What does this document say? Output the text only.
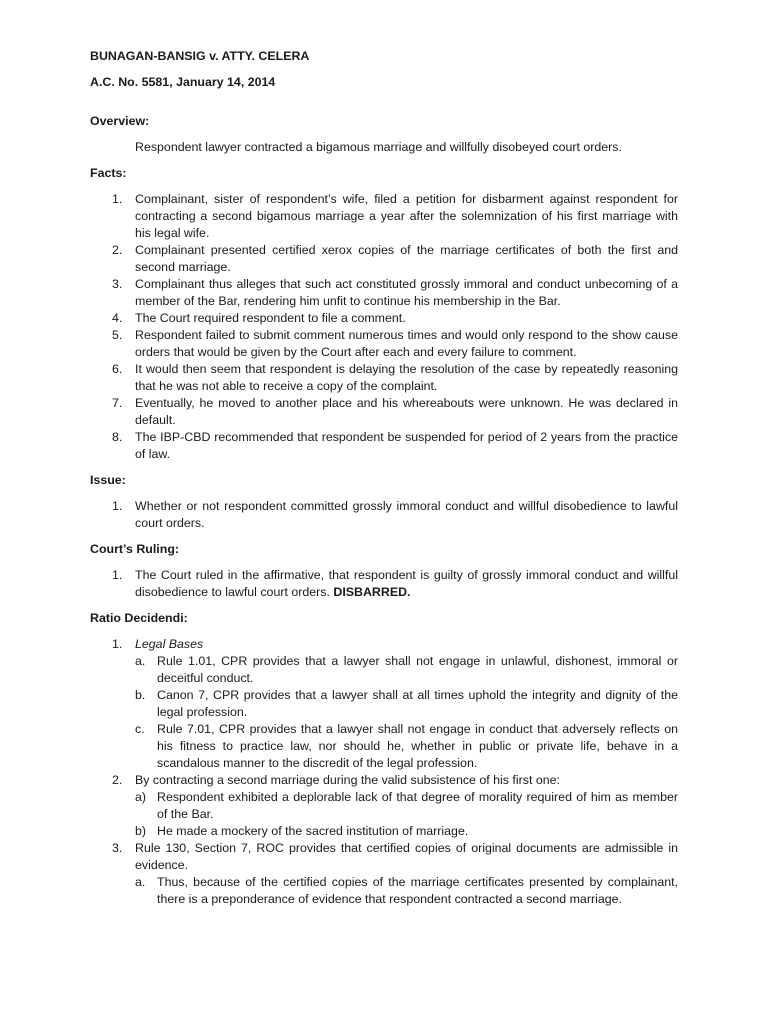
BUNAGAN-BANSIG v. ATTY. CELERA

A.C. No. 5581, January 14, 2014

Overview:

Respondent lawyer contracted a bigamous marriage and willfully disobeyed court orders.

Facts:

1. Complainant, sister of respondent’s wife, filed a petition for disbarment against respondent for contracting a second bigamous marriage a year after the solemnization of his first marriage with his legal wife.
2. Complainant presented certified xerox copies of the marriage certificates of both the first and second marriage.
3. Complainant thus alleges that such act constituted grossly immoral and conduct unbecoming of a member of the Bar, rendering him unfit to continue his membership in the Bar.
4. The Court required respondent to file a comment.
5. Respondent failed to submit comment numerous times and would only respond to the show cause orders that would be given by the Court after each and every failure to comment.
6. It would then seem that respondent is delaying the resolution of the case by repeatedly reasoning that he was not able to receive a copy of the complaint.
7. Eventually, he moved to another place and his whereabouts were unknown. He was declared in default.
8. The IBP-CBD recommended that respondent be suspended for period of 2 years from the practice of law.

Issue:

1. Whether or not respondent committed grossly immoral conduct and willful disobedience to lawful court orders.

Court’s Ruling:

1. The Court ruled in the affirmative, that respondent is guilty of grossly immoral conduct and willful disobedience to lawful court orders. DISBARRED.

Ratio Decidendi:

1. Legal Bases
a. Rule 1.01, CPR provides that a lawyer shall not engage in unlawful, dishonest, immoral or deceitful conduct.
b. Canon 7, CPR provides that a lawyer shall at all times uphold the integrity and dignity of the legal profession.
c. Rule 7.01, CPR provides that a lawyer shall not engage in conduct that adversely reflects on his fitness to practice law, nor should he, whether in public or private life, behave in a scandalous manner to the discredit of the legal profession.
2. By contracting a second marriage during the valid subsistence of his first one:
a) Respondent exhibited a deplorable lack of that degree of morality required of him as member of the Bar.
b) He made a mockery of the sacred institution of marriage.
3. Rule 130, Section 7, ROC provides that certified copies of original documents are admissible in evidence.
a. Thus, because of the certified copies of the marriage certificates presented by complainant, there is a preponderance of evidence that respondent contracted a second marriage.
